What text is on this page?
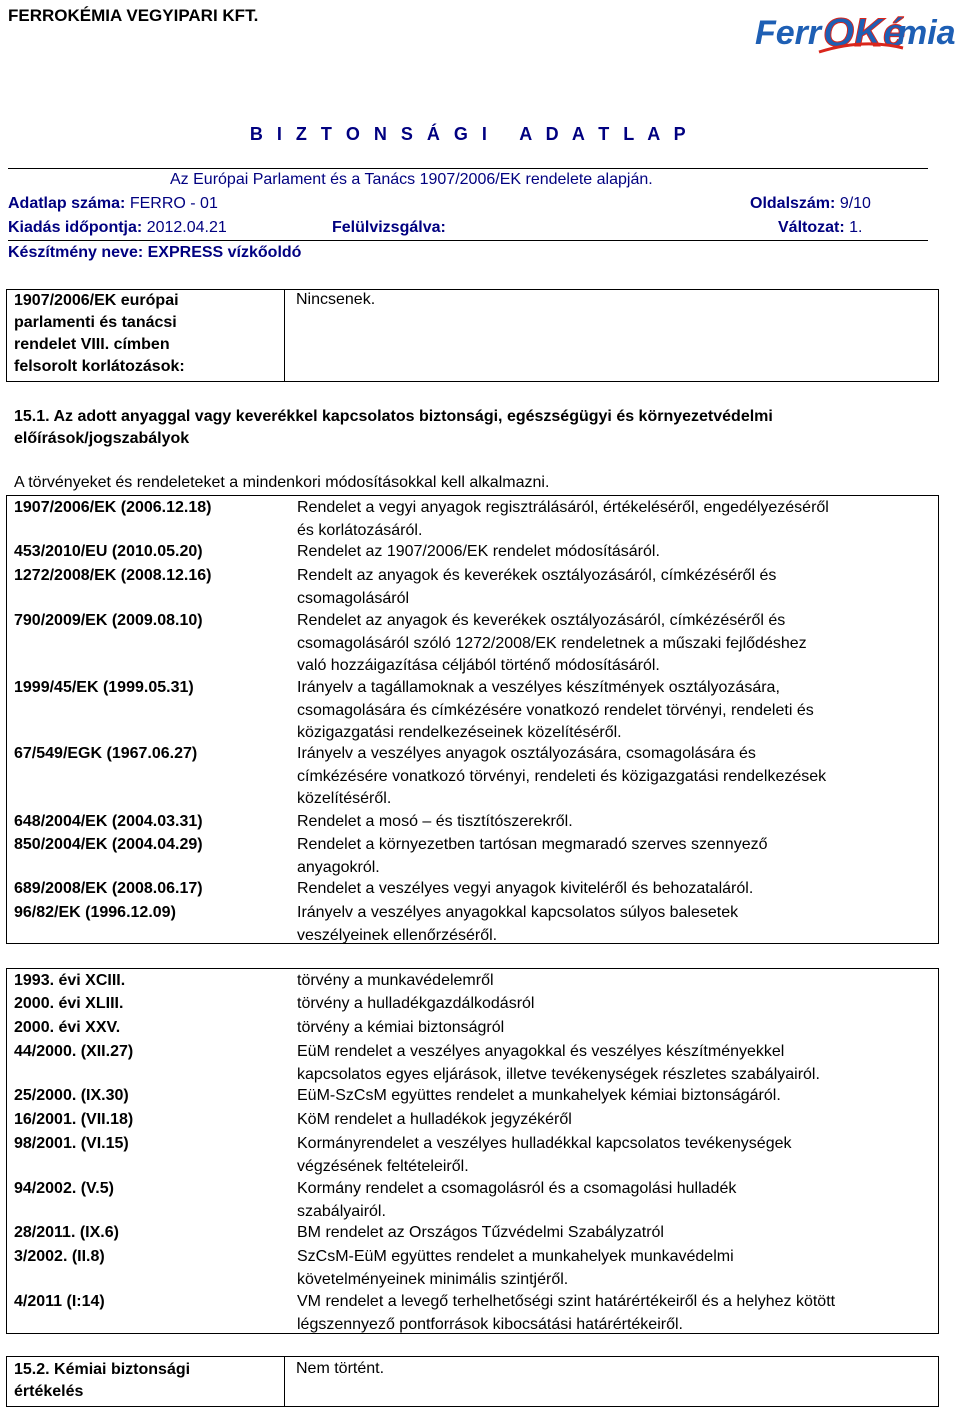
FERROKÉMIA VEGYIPARI KFT.	Ferr OKé
mia
B I Z T O N S Á G I   A D A T L A P
Az Európai Parlament és a Tanács 1907/2006/EK rendelete alapján.
Adatlap száma: FERRO - 01	Oldalszám: 9/10
Kiadás időpontja: 2012.04.21	Felülvizsgálva:	Változat: 1.
Készítmény neve: EXPRESS vízkőoldó
1907/2006/EK európai
parlamenti és tanácsi
rendelet VIII. címben
felsorolt korlátozások:
Nincsenek.
15.1. Az adott anyaggal vagy keverékkel kapcsolatos biztonsági, egészségügyi és környezetvédelmi
előírások/jogszabályok
A törvényeket és rendeleteket a mindenkori módosításokkal kell alkalmazni.
1907/2006/EK (2006.12.18)	Rendelet a vegyi anyagok regisztrálásáról, értékeléséről, engedélyezéséről
és korlátozásáról.
453/2010/EU (2010.05.20)	Rendelet az 1907/2006/EK rendelet módosításáról.
1272/2008/EK (2008.12.16)	Rendelt az anyagok és keverékek osztályozásáról, címkézéséről és
csomagolásáról
790/2009/EK (2009.08.10)	Rendelet az anyagok és keverékek osztályozásáról, címkézéséről és
csomagolásáról szóló 1272/2008/EK rendeletnek a műszaki fejlődéshez
való hozzáigazítása céljából történő módosításáról.
1999/45/EK (1999.05.31)	Irányelv a tagállamoknak a veszélyes készítmények osztályozására,
csomagolására és címkézésére vonatkozó rendelet törvényi, rendeleti és
közigazgatási rendelkezéseinek közelítéséről.
67/549/EGK (1967.06.27)	Irányelv a veszélyes anyagok osztályozására, csomagolására és
címkézésére vonatkozó törvényi, rendeleti és közigazgatási rendelkezések
közelítéséről.
648/2004/EK (2004.03.31)	Rendelet a mosó – és tisztítószerekről.
850/2004/EK (2004.04.29)	Rendelet a környezetben tartósan megmaradó szerves szennyező
anyagokról.
689/2008/EK (2008.06.17)	Rendelet a veszélyes vegyi anyagok kiviteléről és behozataláról.
96/82/EK (1996.12.09)	Irányelv a veszélyes anyagokkal kapcsolatos súlyos balesetek
veszélyeinek ellenőrzéséről.
1993. évi XCIII.	törvény a munkavédelemről
2000. évi XLIII.	törvény a hulladékgazdálkodásról
2000. évi XXV.	törvény a kémiai biztonságról
44/2000. (XII.27)	EüM rendelet a veszélyes anyagokkal és veszélyes készítményekkel
kapcsolatos egyes eljárások, illetve tevékenységek részletes szabályairól.
25/2000. (IX.30)	EüM-SzCsM együttes rendelet a munkahelyek kémiai biztonságáról.
16/2001. (VII.18)	KöM rendelet a hulladékok jegyzékéről
98/2001. (VI.15)	Kormányrendelet a veszélyes hulladékkal kapcsolatos tevékenységek
végzésének feltételeiről.
94/2002. (V.5)	Kormány rendelet a csomagolásról és a csomagolási hulladék
szabályairól.
28/2011. (IX.6)	BM rendelet az Országos Tűzvédelmi Szabályzatról
3/2002. (II.8)	SzCsM-EüM együttes rendelet a munkahelyek munkavédelmi
követelményeinek minimális szintjéről.
4/2011 (I:14)	VM rendelet a levegő terhelhetőségi szint határértékeiről és a helyhez kötött
légszennyező pontforrások kibocsátási határértékeiről.
15.2. Kémiai biztonsági
értékelés
Nem történt.
